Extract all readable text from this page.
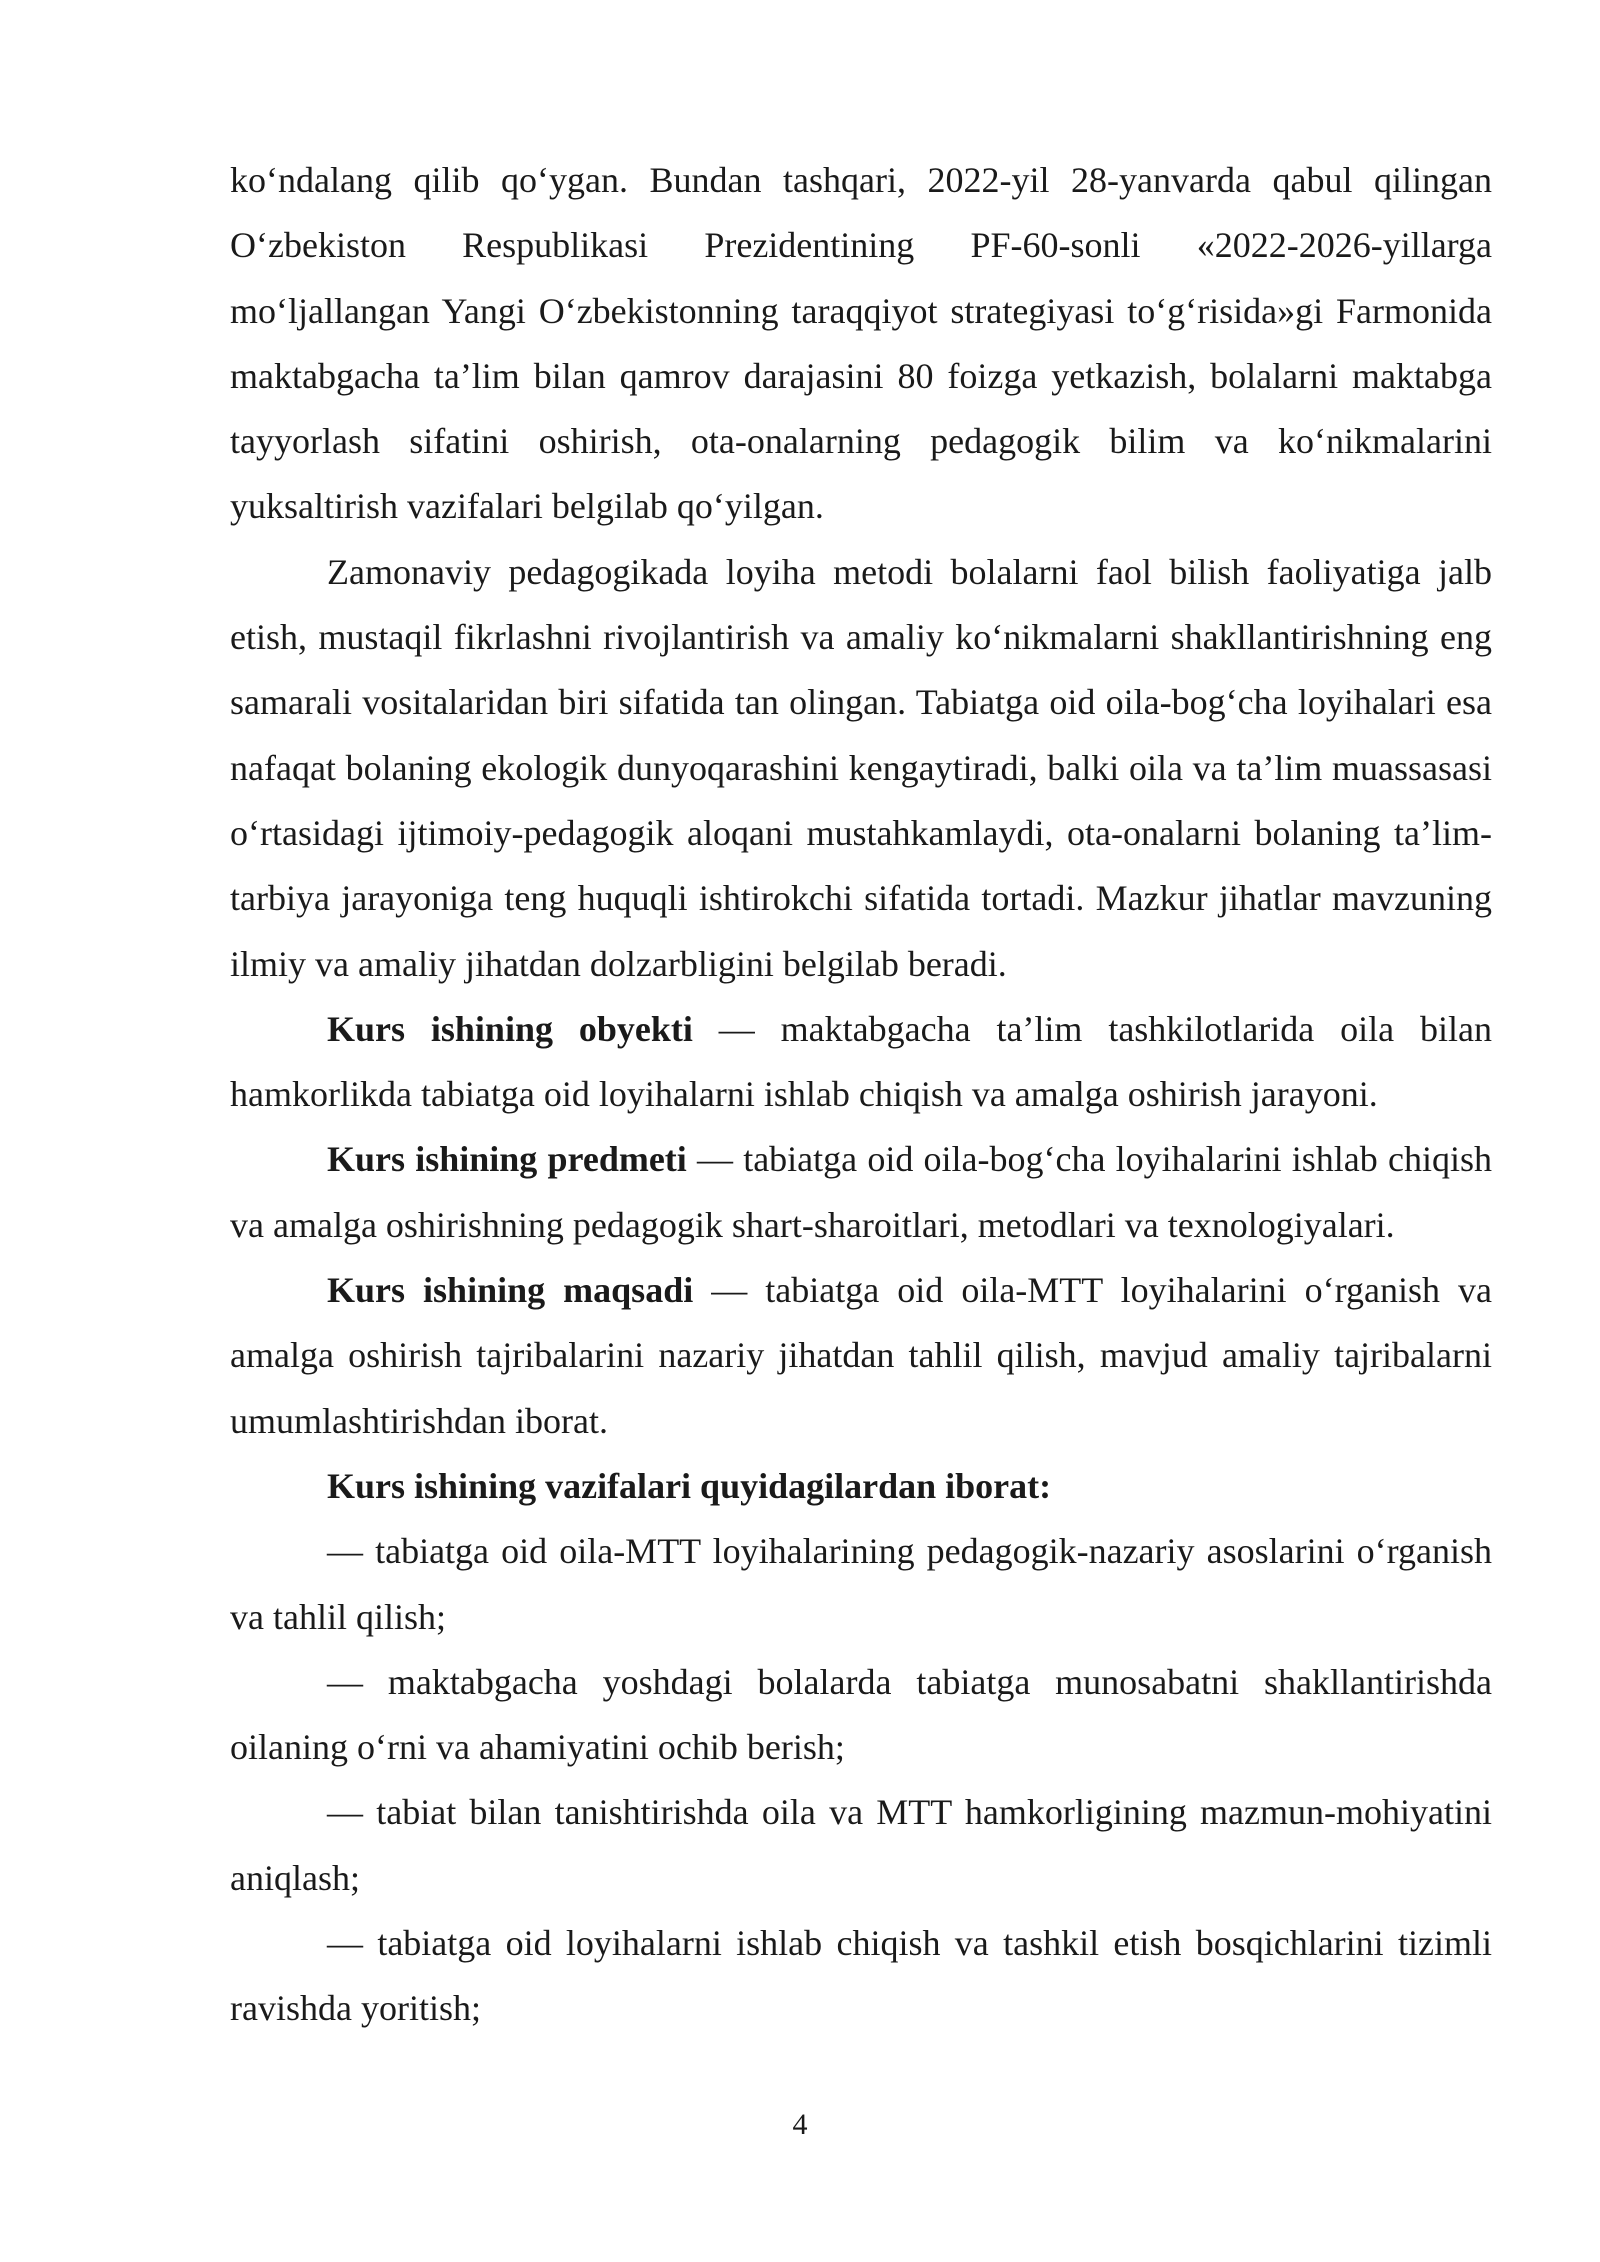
koʻndalang qilib qoʻygan. Bundan tashqari, 2022-yil 28-yanvarda qabul qilingan Oʻzbekiston Respublikasi Prezidentining PF-60-sonli «2022-2026-yillarga moʻljallangan Yangi Oʻzbekistonning taraqqiyot strategiyasi toʻgʻrisida»gi Farmonida maktabgacha ta’lim bilan qamrov darajasini 80 foizga yetkazish, bolalarni maktabga tayyorlash sifatini oshirish, ota-onalarning pedagogik bilim va koʻnikmalarini yuksaltirish vazifalari belgilab qoʻyilgan.

Zamonaviy pedagogikada loyiha metodi bolalarni faol bilish faoliyatiga jalb etish, mustaqil fikrlashni rivojlantirish va amaliy koʻnikmalarni shakllantirishning eng samarali vositalaridan biri sifatida tan olingan. Tabiatga oid oila-bogʻcha loyihalari esa nafaqat bolaning ekologik dunyoqarashini kengaytiradi, balki oila va ta’lim muassasasi oʻrtasidagi ijtimoiy-pedagogik aloqani mustahkamlaydi, ota-onalarni bolaning ta’lim-tarbiya jarayoniga teng huquqli ishtirokchi sifatida tortadi. Mazkur jihatlar mavzuning ilmiy va amaliy jihatdan dolzarbligini belgilab beradi.

Kurs ishining obyekti — maktabgacha ta’lim tashkilotlarida oila bilan hamkorlikda tabiatga oid loyihalarni ishlab chiqish va amalga oshirish jarayoni.

Kurs ishining predmeti — tabiatga oid oila-bogʻcha loyihalarini ishlab chiqish va amalga oshirishning pedagogik shart-sharoitlari, metodlari va texnologiyalari.

Kurs ishining maqsadi — tabiatga oid oila-MTT loyihalarini oʻrganish va amalga oshirish tajribalarini nazariy jihatdan tahlil qilish, mavjud amaliy tajribalarni umumlashtirishdan iborat.

Kurs ishining vazifalari quyidagilardan iborat:

— tabiatga oid oila-MTT loyihalarining pedagogik-nazariy asoslarini oʻrganish va tahlil qilish;

— maktabgacha yoshdagi bolalarda tabiatga munosabatni shakllantirishda oilaning oʻrni va ahamiyatini ochib berish;

— tabiat bilan tanishtirishda oila va MTT hamkorligining mazmun-mohiyatini aniqlash;

— tabiatga oid loyihalarni ishlab chiqish va tashkil etish bosqichlarini tizimli ravishda yoritish;

4
